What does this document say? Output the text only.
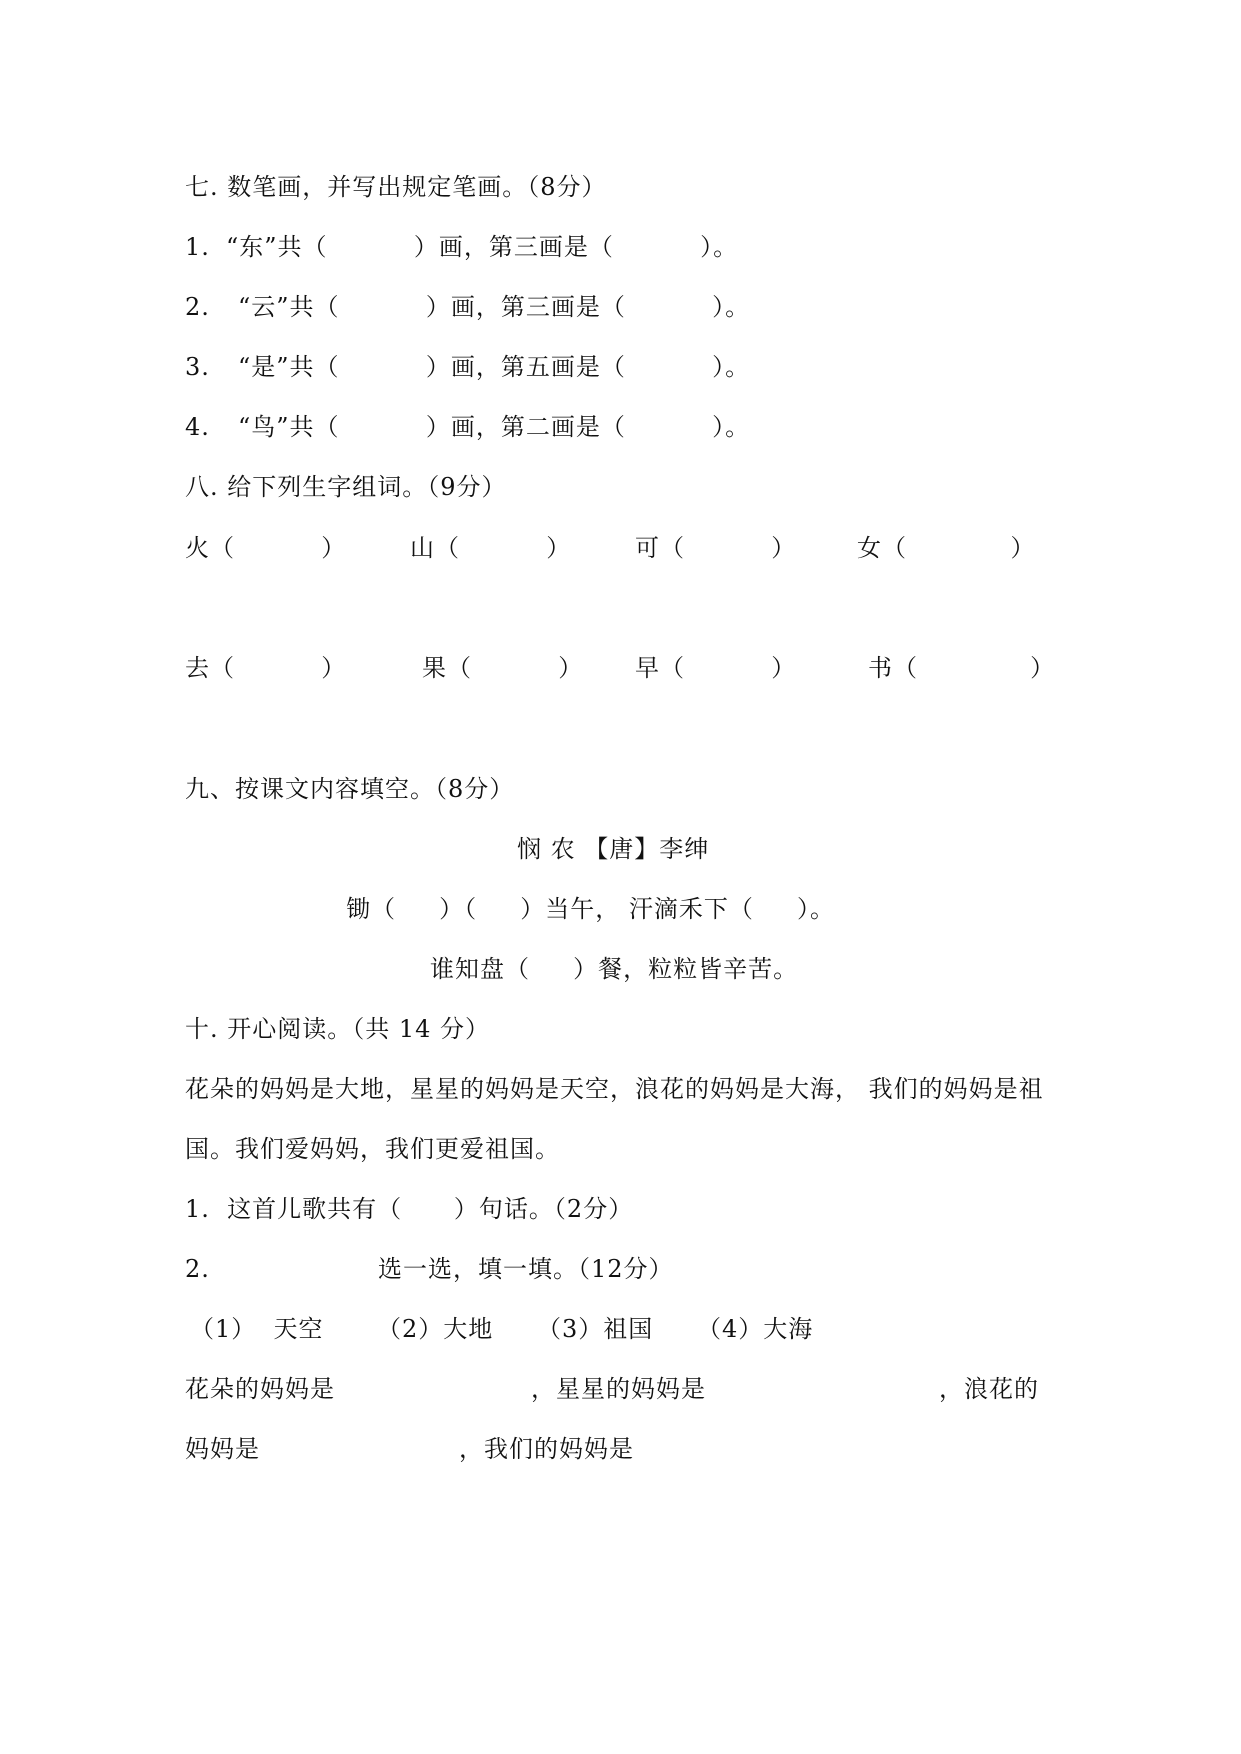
七. 数笔画，并写出规定笔画。（8分）
1. “东”共（          ）画，第三画是（          ）。
2. “云”共（          ）画，第三画是（          ）。
3. “是”共（          ）画，第五画是（          ）。
4. “鸟”共（          ）画，第二画是（          ）。
八. 给下列生字组词。（9分）
火（          ）	山（          ）	可（          ）	女（            ）
去（          ）	果（          ） 早（          ）	书（             ）
九、按课文内容填空。（8分）
悯 农 【唐】李绅
锄（     ）（     ）当午， 汗滴禾下（     ）。
谁知盘（     ）餐，粒粒皆辛苦。
十. 开心阅读。（共 14 分）
花朵的妈妈是大地，星星的妈妈是天空，浪花的妈妈是大海， 我们的妈妈是祖
国。我们爱妈妈，我们更爱祖国。
1.  这首儿歌共有（      ）句话。（2分）
2.	选一选，填一填。（12分）
（1）  天空 （2）大地 （3）祖国 （4）大海
花朵的妈妈是	，星星的妈妈是	，浪花的
妈妈是	，我们的妈妈是
